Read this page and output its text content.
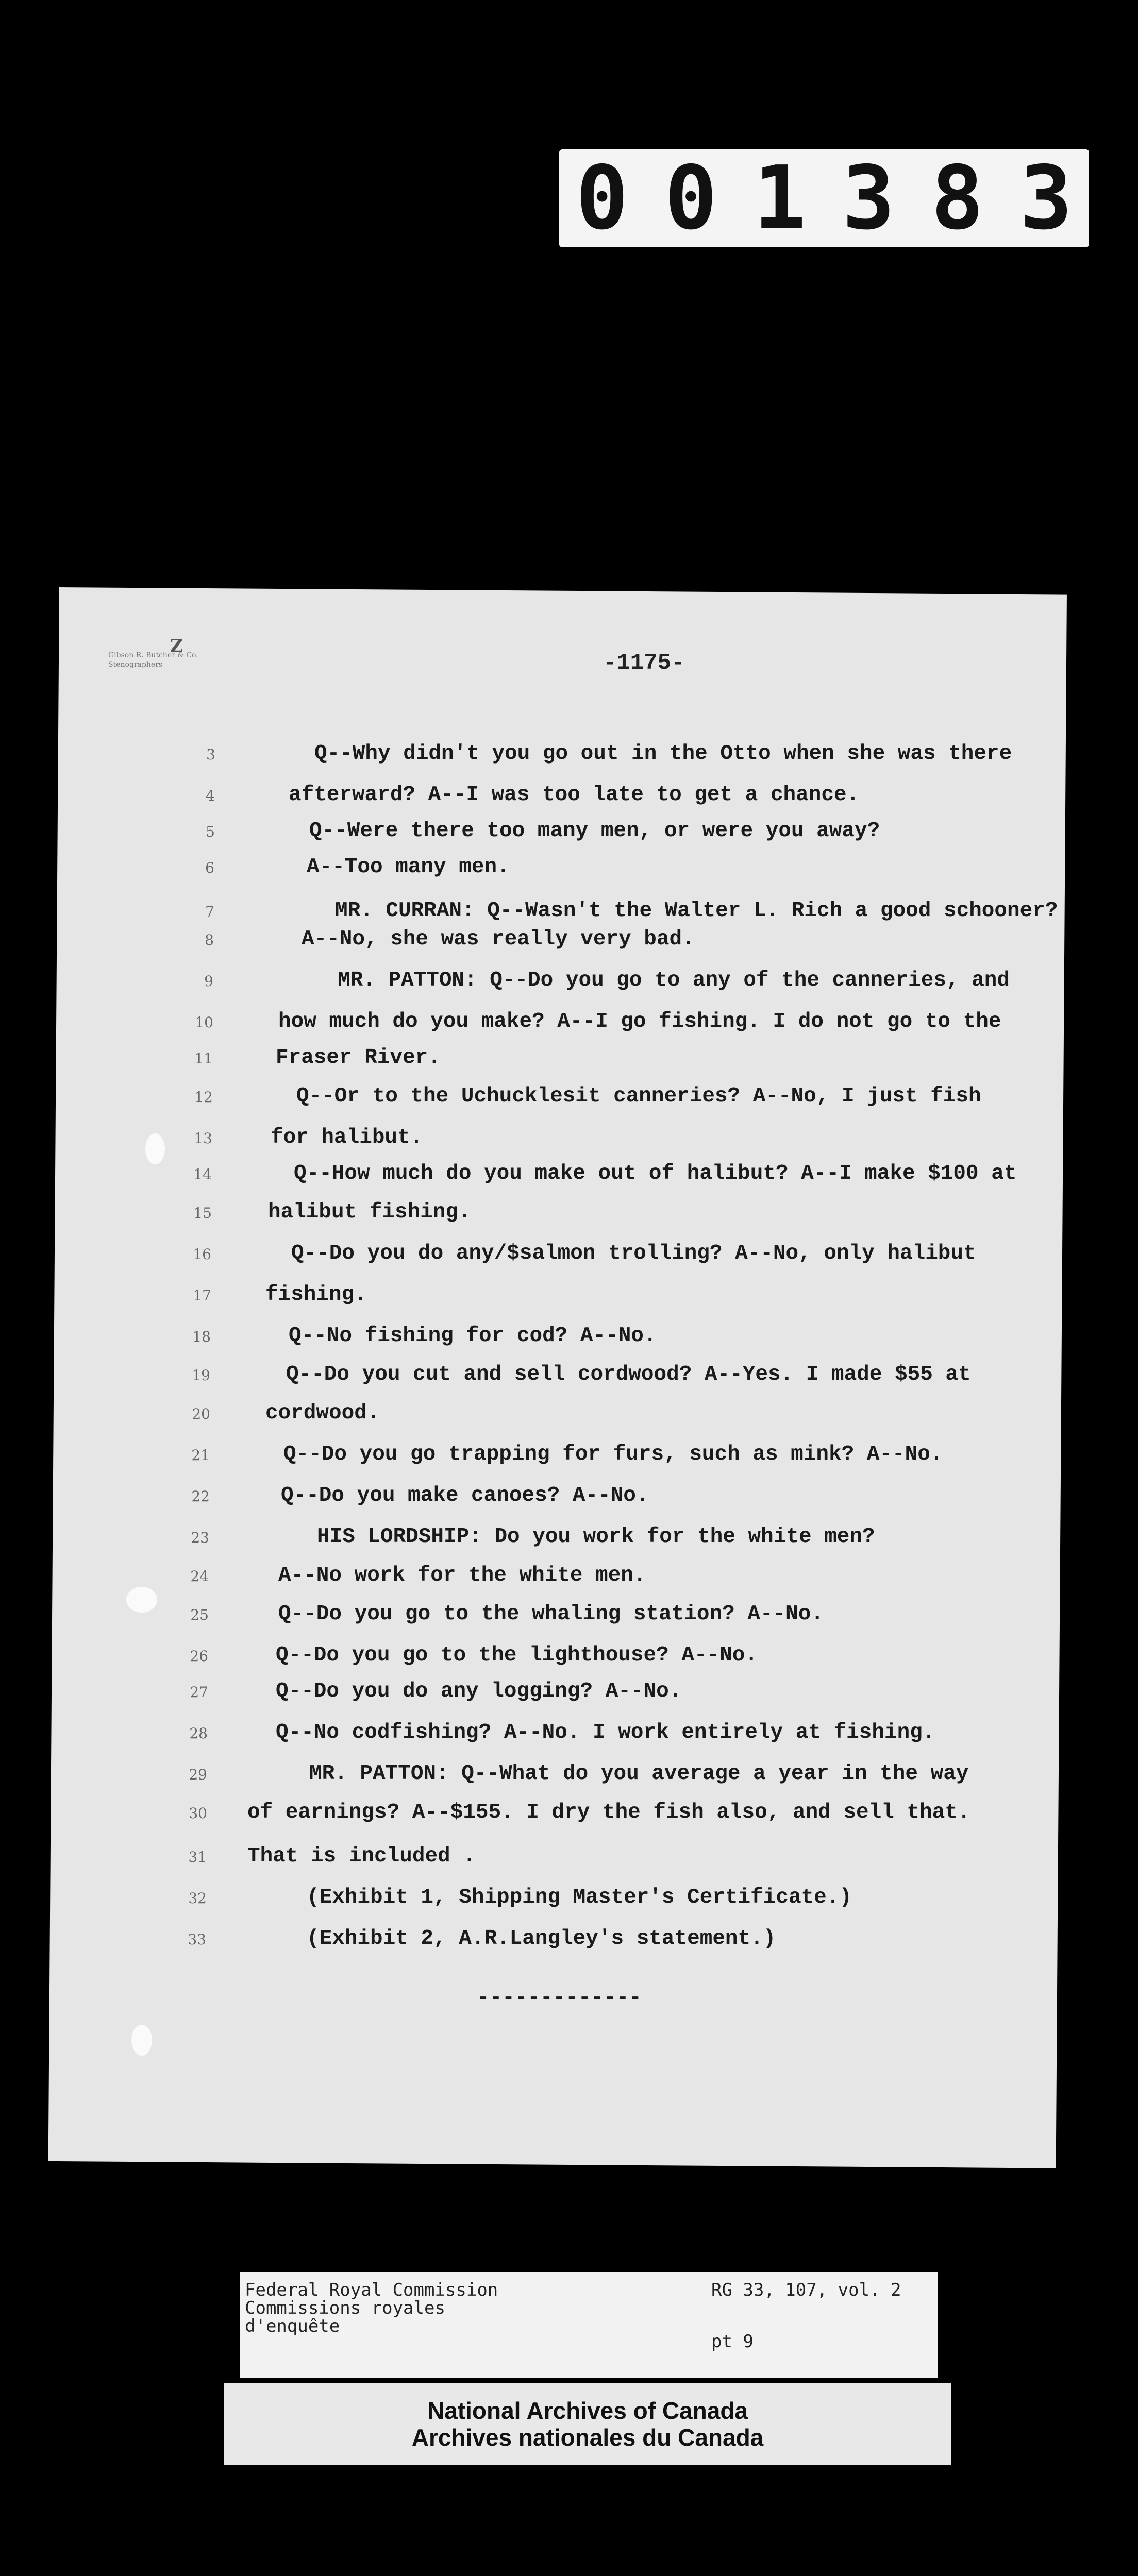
001383
Z
Gibson R. Butcher & Co.
Stenographers	-1175-
3
4
5
6
7
8
9
10
11
12
13
14
15
16
17
18
19
20
21
22
23
24
25
26
27
28
29
30
31
32
33
Q--Why didn't you go out in the Otto when she was there
afterward? A--I was too late to get a chance.
Q--Were there too many men, or were you away?
A--Too many men.
MR. CURRAN: Q--Wasn't the Walter L. Rich a good schooner?
A--No, she was really very bad.
MR. PATTON: Q--Do you go to any of the canneries, and
how much do you make? A--I go fishing. I do not go to the
Fraser River.
Q--Or to the Uchucklesit canneries? A--No, I just fish
for halibut.
Q--How much do you make out of halibut? A--I make $100 at
halibut fishing.
Q--Do you do any/$salmon trolling? A--No, only halibut
fishing.
Q--No fishing for cod? A--No.
Q--Do you cut and sell cordwood? A--Yes. I made $55 at
cordwood.
Q--Do you go trapping for furs, such as mink? A--No.
Q--Do you make canoes? A--No.
HIS LORDSHIP: Do you work for the white men?
A--No work for the white men.
Q--Do you go to the whaling station? A--No.
Q--Do you go to the lighthouse? A--No.
Q--Do you do any logging? A--No.
Q--No codfishing? A--No. I work entirely at fishing.
MR. PATTON: Q--What do you average a year in the way
of earnings? A--$155. I dry the fish also, and sell that.
That is included .
(Exhibit 1, Shipping Master's Certificate.)
(Exhibit 2, A.R.Langley's statement.)
-------------
Federal Royal Commission
Commissions royales
d'enquête
RG 33, 107, vol. 2
pt 9
National Archives of Canada
Archives nationales du Canada
